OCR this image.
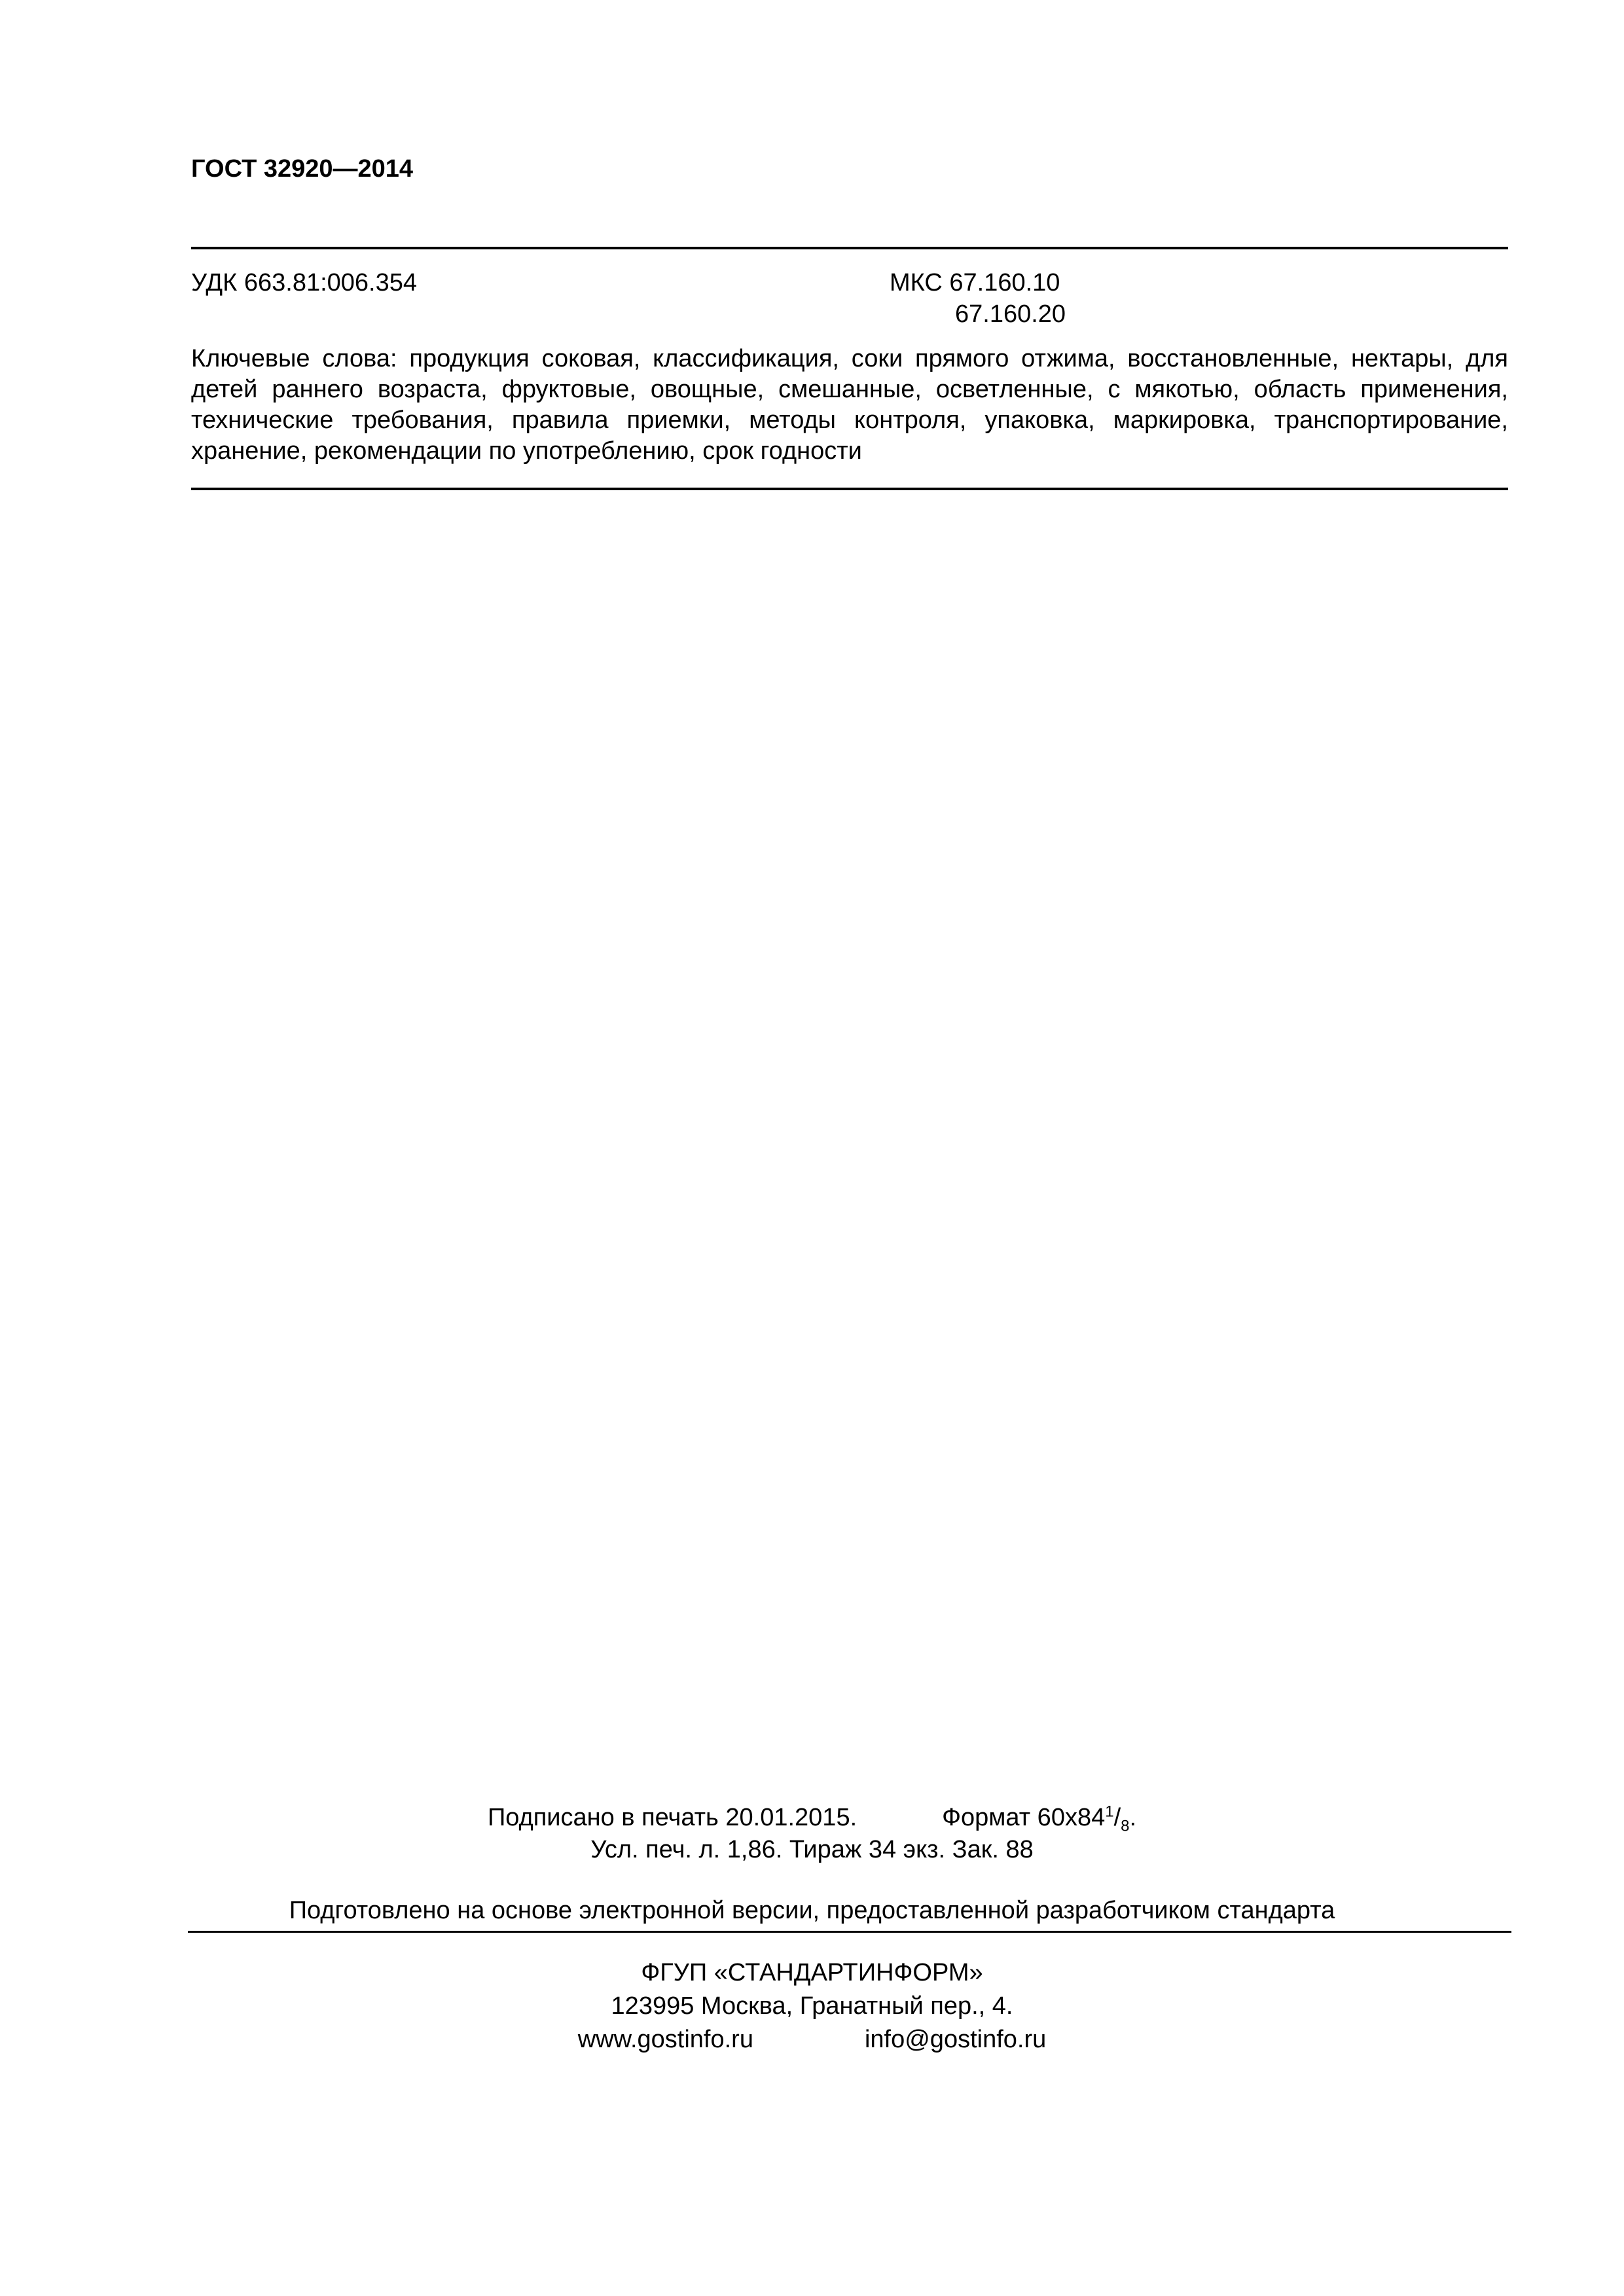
ГОСТ 32920—2014
УДК 663.81:006.354	МКС 67.160.10
67.160.20
Ключевые слова: продукция соковая, классификация, соки прямого отжима, восстановленные, нектары, для детей раннего возраста, фруктовые, овощные, смешанные, осветленные, с мякотью, область применения, технические требования, правила приемки, методы контроля, упаковка, маркировка, транспортирование, хранение, рекомендации по употреблению, срок годности
Подписано в печать 20.01.2015.	Формат $60x84^1/_8$.
Усл. печ. л. 1,86. Тираж 34 экз. Зак. 88
Подготовлено на основе электронной версии, предоставленной разработчиком стандарта
ФГУП «СТАНДАРТИНФОРМ»
123995 Москва, Гранатный пер., 4.
www.gostinfo.ru	info@gostinfo.ru
